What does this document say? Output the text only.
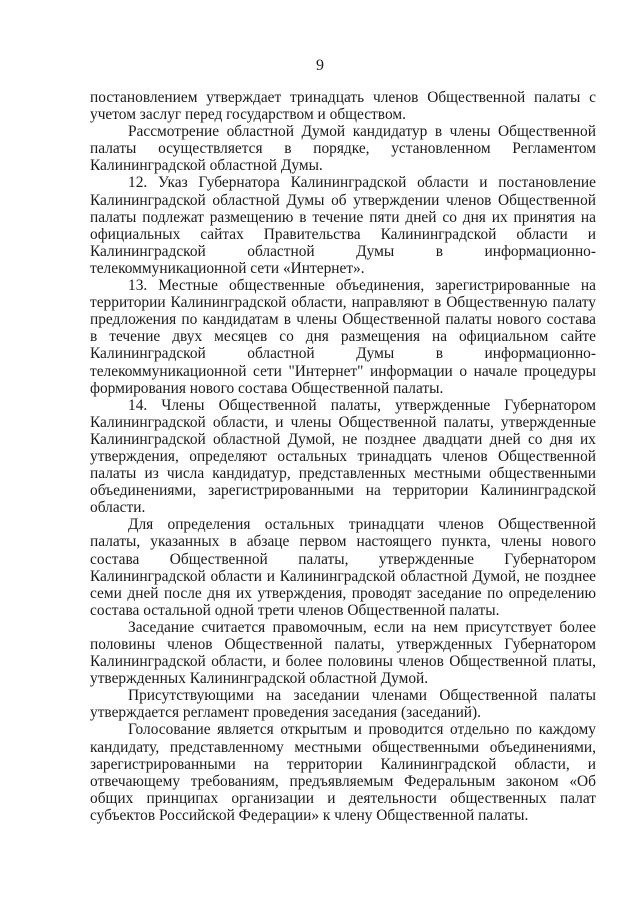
9

постановлением утверждает тринадцать членов Общественной палаты с учетом заслуг перед государством и обществом.

Рассмотрение областной Думой кандидатур в члены Общественной палаты осуществляется в порядке, установленном Регламентом Калининградской областной Думы.

12. Указ Губернатора Калининградской области и постановление Калининградской областной Думы об утверждении членов Общественной палаты подлежат размещению в течение пяти дней со дня их принятия на официальных сайтах Правительства Калининградской области и Калининградской областной Думы в информационно-телекоммуникационной сети «Интернет».

13. Местные общественные объединения, зарегистрированные на территории Калининградской области, направляют в Общественную палату предложения по кандидатам в члены Общественной палаты нового состава в течение двух месяцев со дня размещения на официальном сайте Калининградской областной Думы в информационно-телекоммуникационной сети "Интернет" информации о начале процедуры формирования нового состава Общественной палаты.

14. Члены Общественной палаты, утвержденные Губернатором Калининградской области, и члены Общественной палаты, утвержденные Калининградской областной Думой, не позднее двадцати дней со дня их утверждения, определяют остальных тринадцать членов Общественной палаты из числа кандидатур, представленных местными общественными объединениями, зарегистрированными на территории Калининградской области.

Для определения остальных тринадцати членов Общественной палаты, указанных в абзаце первом настоящего пункта, члены нового состава Общественной палаты, утвержденные Губернатором Калининградской области и Калининградской областной Думой, не позднее семи дней после дня их утверждения, проводят заседание по определению состава остальной одной трети членов Общественной палаты.

Заседание считается правомочным, если на нем присутствует более половины членов Общественной палаты, утвержденных Губернатором Калининградской области, и более половины членов Общественной платы, утвержденных Калининградской областной Думой.

Присутствующими на заседании членами Общественной палаты утверждается регламент проведения заседания (заседаний).

Голосование является открытым и проводится отдельно по каждому кандидату, представленному местными общественными объединениями, зарегистрированными на территории Калининградской области, и отвечающему требованиям, предъявляемым Федеральным законом «Об общих принципах организации и деятельности общественных палат субъектов Российской Федерации» к члену Общественной палаты.
